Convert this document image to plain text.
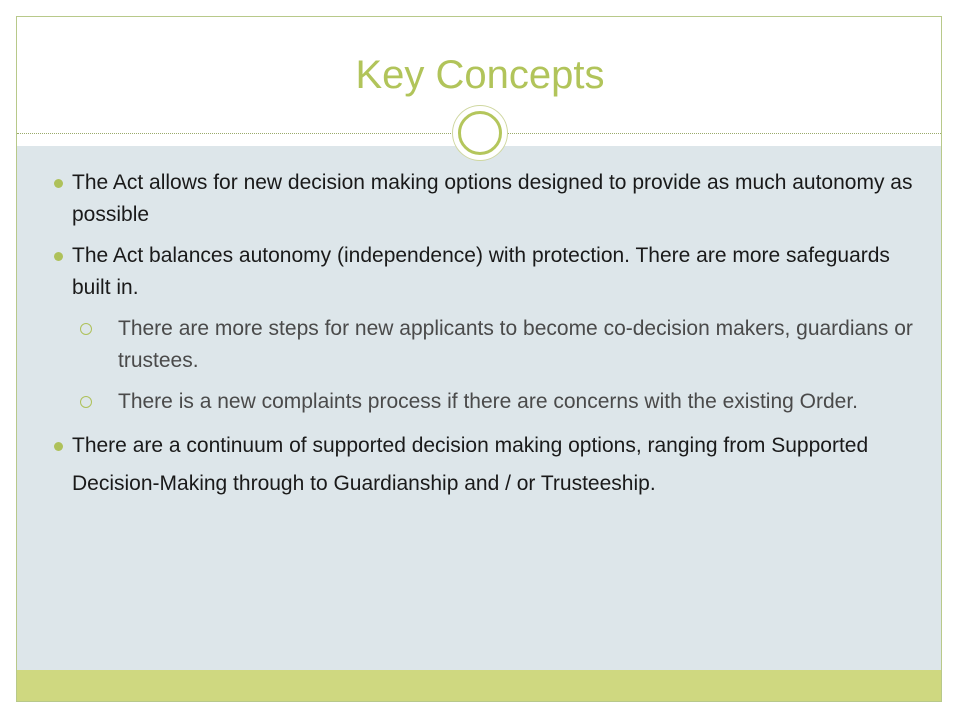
Key Concepts
The Act allows for new decision making options designed to provide as much autonomy as possible
The Act balances autonomy (independence) with protection. There are more safeguards built in.
There are more steps for new applicants to become co-decision makers, guardians or trustees.
There is a new complaints process if there are concerns with the existing Order.
There are a continuum of supported decision making options, ranging from Supported Decision-Making through to Guardianship and / or Trusteeship.
